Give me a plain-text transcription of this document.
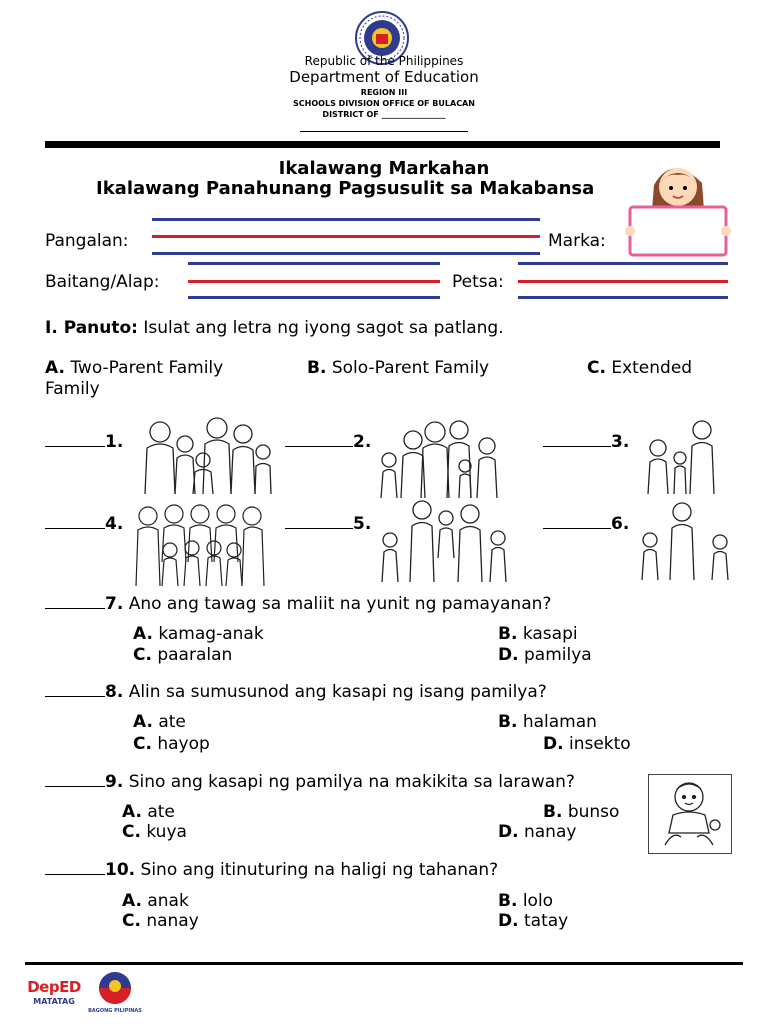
Republic of the Philippines
Department of Education
REGION III
SCHOOLS DIVISION OFFICE OF BULACAN
DISTRICT OF ________________
Ikalawang Markahan
Ikalawang Panahunang Pagsusulit sa Makabansa
Pangalan:	Marka:
Baitang/Alap:	Petsa:
I. Panuto: Isulat ang letra ng iyong sagot sa patlang.
A. Two-Parent Family	B. Solo-Parent Family	C. Extended
Family
1.	2.	3.
4.	5.	6.
7. Ano ang tawag sa maliit na yunit ng pamayanan?
A. kamag-anak	B. kasapi
C. paaralan	D. pamilya
8. Alin sa sumusunod ang kasapi ng isang pamilya?
A. ate	B. halaman
C. hayop	D. insekto
9. Sino ang kasapi ng pamilya na makikita sa larawan?
A. ate	B. bunso
C. kuya	D. nanay
10. Sino ang itinuturing na haligi ng tahanan?
A. anak	B. lolo
C. nanay	D. tatay
DepED
MATATAG
BAGONG PILIPINAS
